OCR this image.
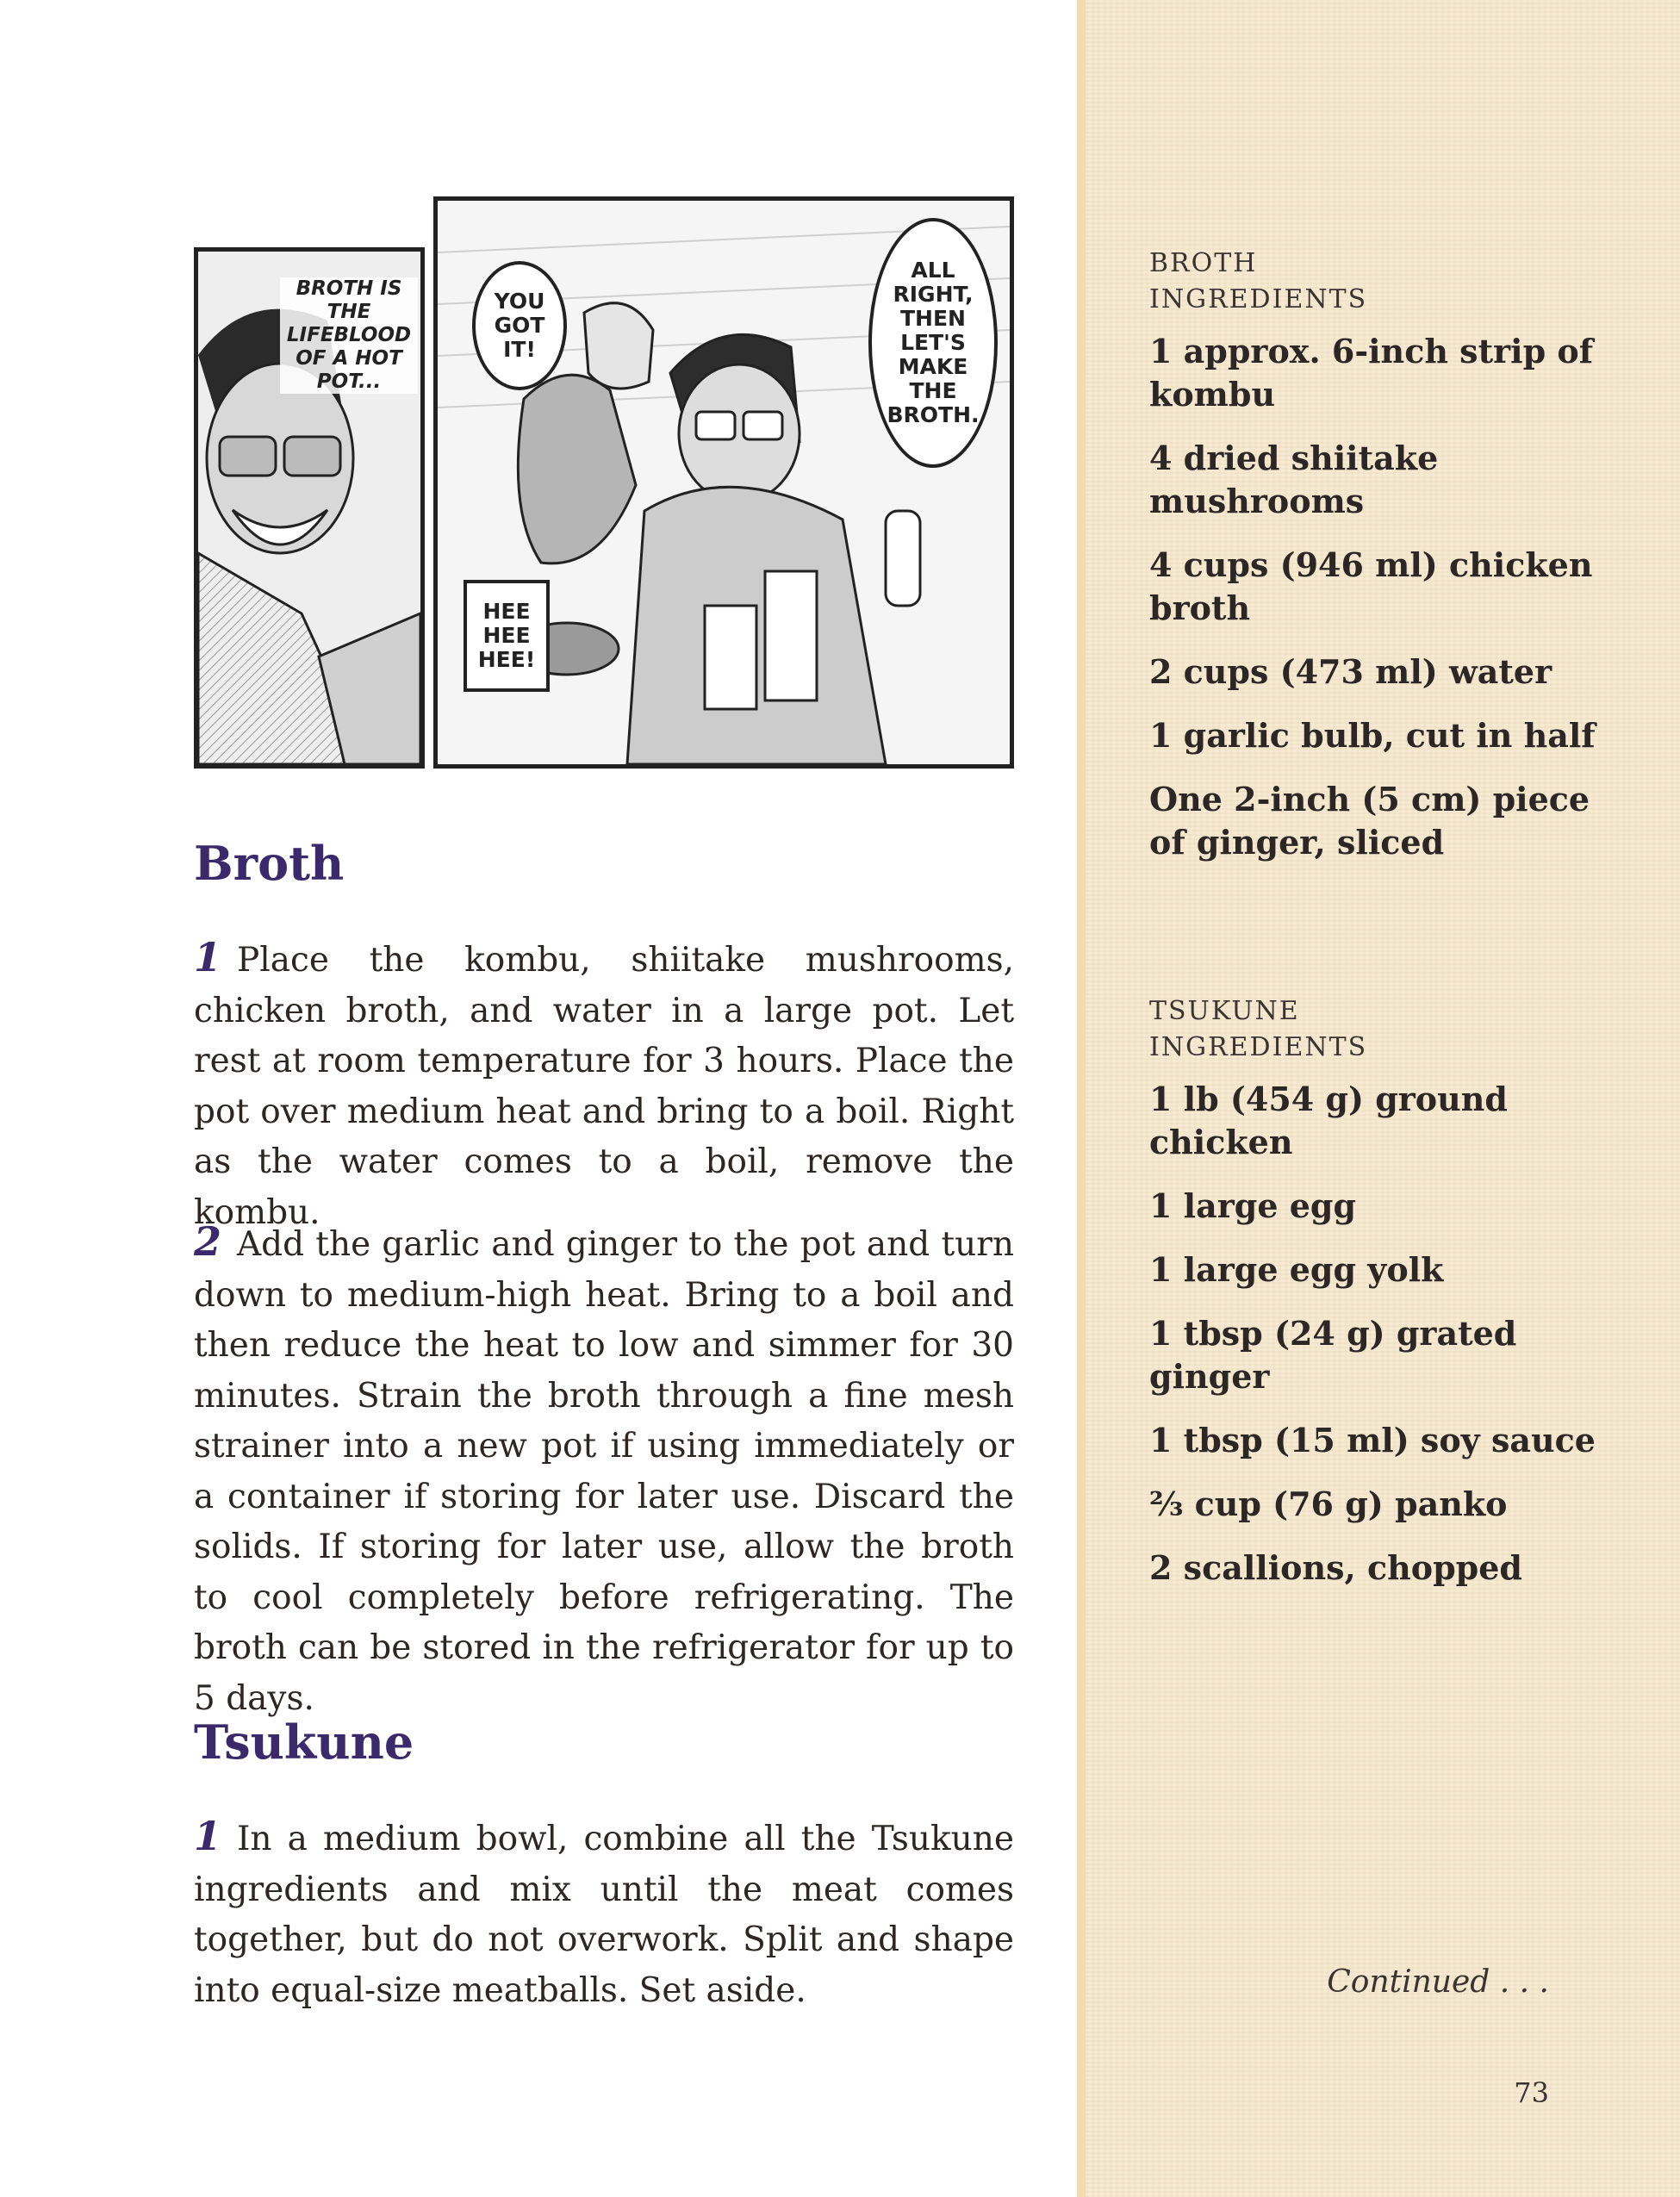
BROTH IS THE LIFEBLOOD OF A HOT POT...
YOU GOT IT!
ALL RIGHT, THEN LET'S MAKE THE BROTH.
HEE HEE HEE!
Broth

1 Place the kombu, shiitake mushrooms, chicken broth, and water in a large pot. Let rest at room temperature for 3 hours. Place the pot over medium heat and bring to a boil. Right as the water comes to a boil, remove the kombu.

2 Add the garlic and ginger to the pot and turn down to medium-high heat. Bring to a boil and then reduce the heat to low and simmer for 30 minutes. Strain the broth through a fine mesh strainer into a new pot if using immediately or a container if storing for later use. Discard the solids. If storing for later use, allow the broth to cool completely before refrigerating. The broth can be stored in the refrigerator for up to 5 days.

Tsukune

1 In a medium bowl, combine all the Tsukune ingredients and mix until the meat comes together, but do not overwork. Split and shape into equal-size meatballs. Set aside.

BROTH

INGREDIENTS

1 approx. 6-inch strip of kombu
4 dried shiitake mushrooms
4 cups (946 ml) chicken broth
2 cups (473 ml) water
1 garlic bulb, cut in half
One 2-inch (5 cm) piece of ginger, sliced

TSUKUNE

INGREDIENTS

1 lb (454 g) ground chicken
1 large egg
1 large egg yolk
1 tbsp (24 g) grated ginger
1 tbsp (15 ml) soy sauce
⅔ cup (76 g) panko
2 scallions, chopped
Continued . . .
73
